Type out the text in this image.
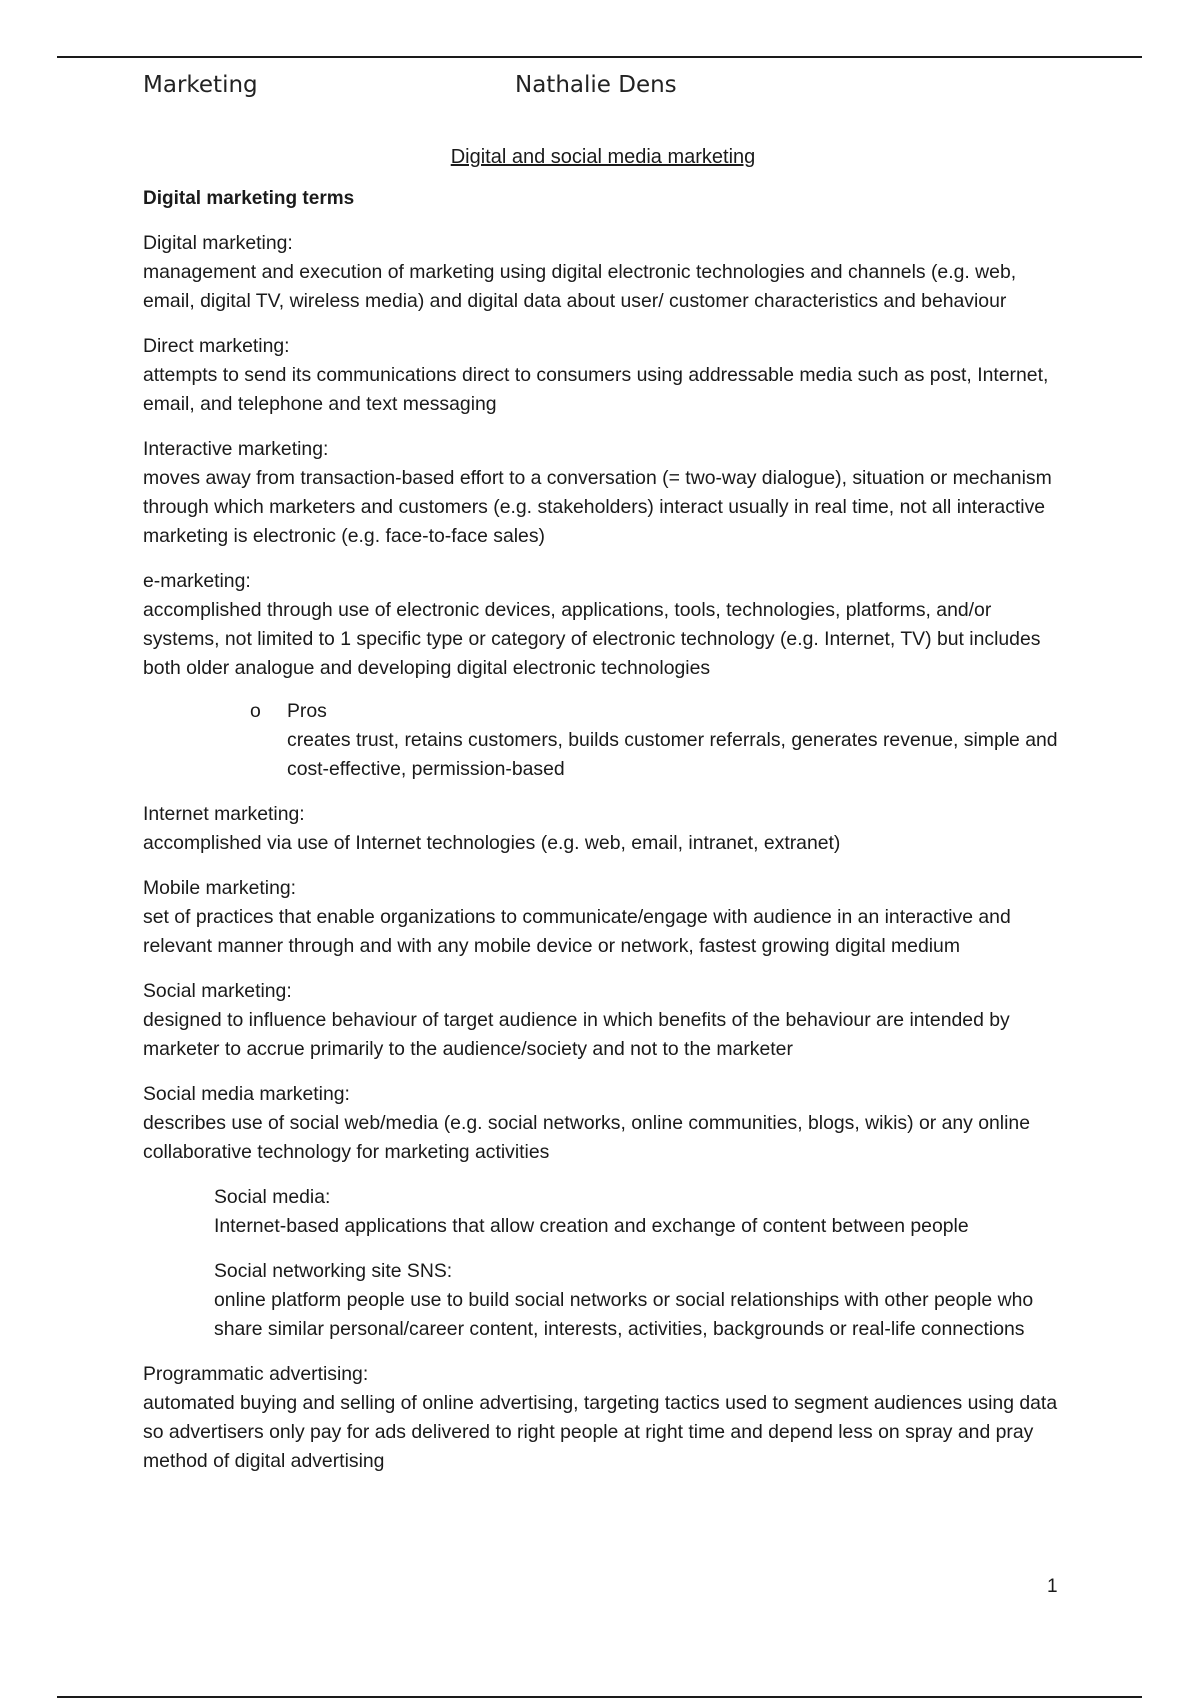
Marketing	Nathalie Dens
Digital and social media marketing
Digital marketing terms
Digital marketing:
management and execution of marketing using digital electronic technologies and channels (e.g. web, email, digital TV, wireless media) and digital data about user/ customer characteristics and behaviour
Direct marketing:
attempts to send its communications direct to consumers using addressable media such as post, Internet, email, and telephone and text messaging
Interactive marketing:
moves away from transaction-based effort to a conversation (= two-way dialogue), situation or mechanism through which marketers and customers (e.g. stakeholders) interact usually in real time, not all interactive marketing is electronic (e.g. face-to-face sales)
e-marketing:
accomplished through use of electronic devices, applications, tools, technologies, platforms, and/or systems, not limited to 1 specific type or category of electronic technology (e.g. Internet, TV) but includes both older analogue and developing digital electronic technologies
o Pros
creates trust, retains customers, builds customer referrals, generates revenue, simple and cost-effective, permission-based
Internet marketing:
accomplished via use of Internet technologies (e.g. web, email, intranet, extranet)
Mobile marketing:
set of practices that enable organizations to communicate/engage with audience in an interactive and relevant manner through and with any mobile device or network, fastest growing digital medium
Social marketing:
designed to influence behaviour of target audience in which benefits of the behaviour are intended by marketer to accrue primarily to the audience/society and not to the marketer
Social media marketing:
describes use of social web/media (e.g. social networks, online communities, blogs, wikis) or any online collaborative technology for marketing activities
Social media:
Internet-based applications that allow creation and exchange of content between people
Social networking site SNS:
online platform people use to build social networks or social relationships with other people who share similar personal/career content, interests, activities, backgrounds or real-life connections
Programmatic advertising:
automated buying and selling of online advertising, targeting tactics used to segment audiences using data so advertisers only pay for ads delivered to right people at right time and depend less on spray and pray method of digital advertising
1
